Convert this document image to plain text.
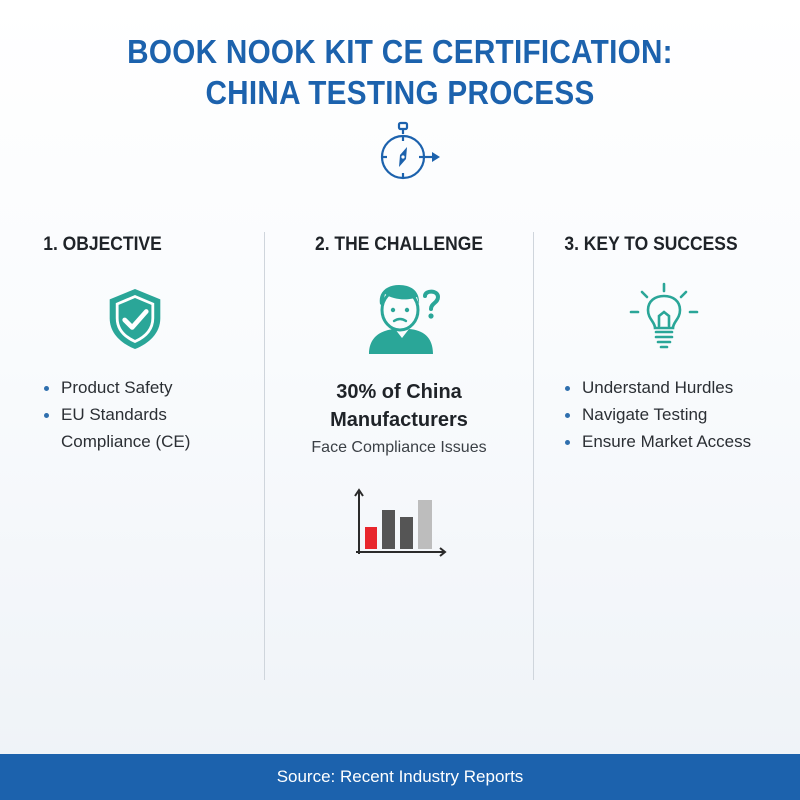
BOOK NOOK KIT CE CERTIFICATION:
CHINA TESTING PROCESS
1. OBJECTIVE
Product Safety
EU Standards
Compliance (CE)
2. THE CHALLENGE
30% of China
Manufacturers
Face Compliance Issues
3. KEY TO SUCCESS
Understand Hurdles
Navigate Testing
Ensure Market Access
Source: Recent Industry Reports
